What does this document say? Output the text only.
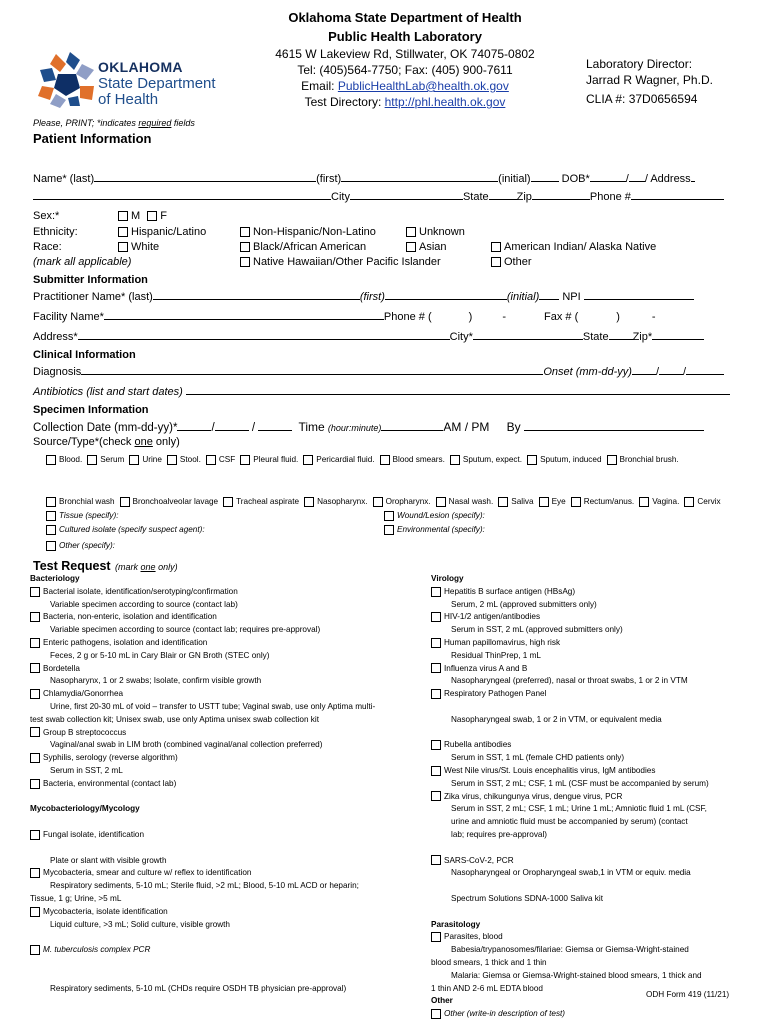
OKLAHOMA
State Department
of Health
Oklahoma State Department of Health
Public Health Laboratory
4615 W Lakeview Rd, Stillwater, OK 74075-0802
Tel: (405)564-7750; Fax: (405) 900-7611
Email: PublicHealthLab@health.ok.gov
Test Directory: http://phl.health.ok.gov
Laboratory Director:
Jarrad R Wagner, Ph.D.
CLIA #: 37D0656594
Please, PRINT; *indicates required fields
Patient Information
Name* (last)	(first)	(initial)	DOB*	/ / Address
City	State	Zip	Phone #
Sex:*	M F
Ethnicity:	Hispanic/Latino	Non-Hispanic/Non-Latino	Unknown
Race:	White	Black/African American	Asian	American Indian/ Alaska Native
(mark all applicable)	Native Hawaiian/Other Pacific Islander	Other
Submitter Information
Practitioner Name* (last)	(first)	(initial) NPI
Facility Name*	Phone # (	)	-	Fax # (	)	-
Address*	City*	State Zip*
Clinical Information
Diagnosis	Onset (mm-dd-yy) / /
Antibiotics (list and start dates)
Specimen Information
Collection Date (mm-dd-yy)*	/	/	Time (hour:minute)	AM / PM By
Source/Type*(check one only)
Blood. Serum Urine Stool. CSF Pleural fluid. Pericardial fluid. Blood smears. Sputum, expect. Sputum, induced Bronchial brush.
Bronchial wash Bronchoalveolar lavage Tracheal aspirate Nasopharynx. Oropharynx. Nasal wash. Saliva Eye Rectum/anus. Vagina. Cervix
Tissue (specify):	Wound/Lesion (specify):
Cultured isolate (specify suspect agent):	Environmental (specify):
Other (specify):
Test Request (mark one only)
Bacteriology
Bacterial isolate, identification/serotyping/confirmation
Variable specimen according to source (contact lab)
Bacteria, non-enteric, isolation and identification
Variable specimen according to source (contact lab; requires pre-approval)
Enteric pathogens, isolation and identification
Feces, 2 g or 5-10 mL in Cary Blair or GN Broth (STEC only)
Bordetella
Nasopharynx, 1 or 2 swabs; Isolate, confirm visible growth
Chlamydia/Gonorrhea
Urine, first 20-30 mL of void – transfer to USTT tube; Vaginal swab, use only Aptima multi-
test swab collection kit; Unisex swab, use only Aptima unisex swab collection kit
Group B streptococcus
Vaginal/anal swab in LIM broth (combined vaginal/anal collection preferred)
Syphilis, serology (reverse algorithm)
Serum in SST, 2 mL
Bacteria, environmental (contact lab)

Mycobacteriology/Mycology

Fungal isolate, identification

Plate or slant with visible growth
Mycobacteria, smear and culture w/ reflex to identification
Respiratory sediments, 5-10 mL; Sterile fluid, >2 mL; Blood, 5-10 mL ACD or heparin;
Tissue, 1 g; Urine, >5 mL
Mycobacteria, isolate identification
Liquid culture, >3 mL; Solid culture, visible growth

M. tuberculosis complex PCR

Respiratory sediments, 5-10 mL (CHDs require OSDH TB physician pre-approval)
Virology
Hepatitis B surface antigen (HBsAg)
Serum, 2 mL (approved submitters only)
HIV-1/2 antigen/antibodies
Serum in SST, 2 mL (approved submitters only)
Human papillomavirus, high risk
Residual ThinPrep, 1 mL
Influenza virus A and B
Nasopharyngeal (preferred), nasal or throat swabs, 1 or 2 in VTM
Respiratory Pathogen Panel

Nasopharyngeal swab, 1 or 2 in VTM, or equivalent media

Rubella antibodies
Serum in SST, 1 mL (female CHD patients only)
West Nile virus/St. Louis encephalitis virus, IgM antibodies
Serum in SST, 2 mL; CSF, 1 mL (CSF must be accompanied by serum)
Zika virus, chikungunya virus, dengue virus, PCR
Serum in SST, 2 mL; CSF, 1 mL; Urine 1 mL; Amniotic fluid 1 mL (CSF,
urine and amniotic fluid must be accompanied by serum) (contact
lab; requires pre-approval)

SARS-CoV-2, PCR
Nasopharyngeal or Oropharyngeal swab,1 in VTM or equiv. media

Spectrum Solutions SDNA-1000 Saliva kit

Parasitology
Parasites, blood
Babesia/trypanosomes/filariae: Giemsa or Giemsa-Wright-stained
blood smears, 1 thick and 1 thin
Malaria: Giemsa or Giemsa-Wright-stained blood smears, 1 thick and
1 thin AND 2-6 mL EDTA blood
Other
Other (write-in description of test)
ODH Form 419 (11/21)
